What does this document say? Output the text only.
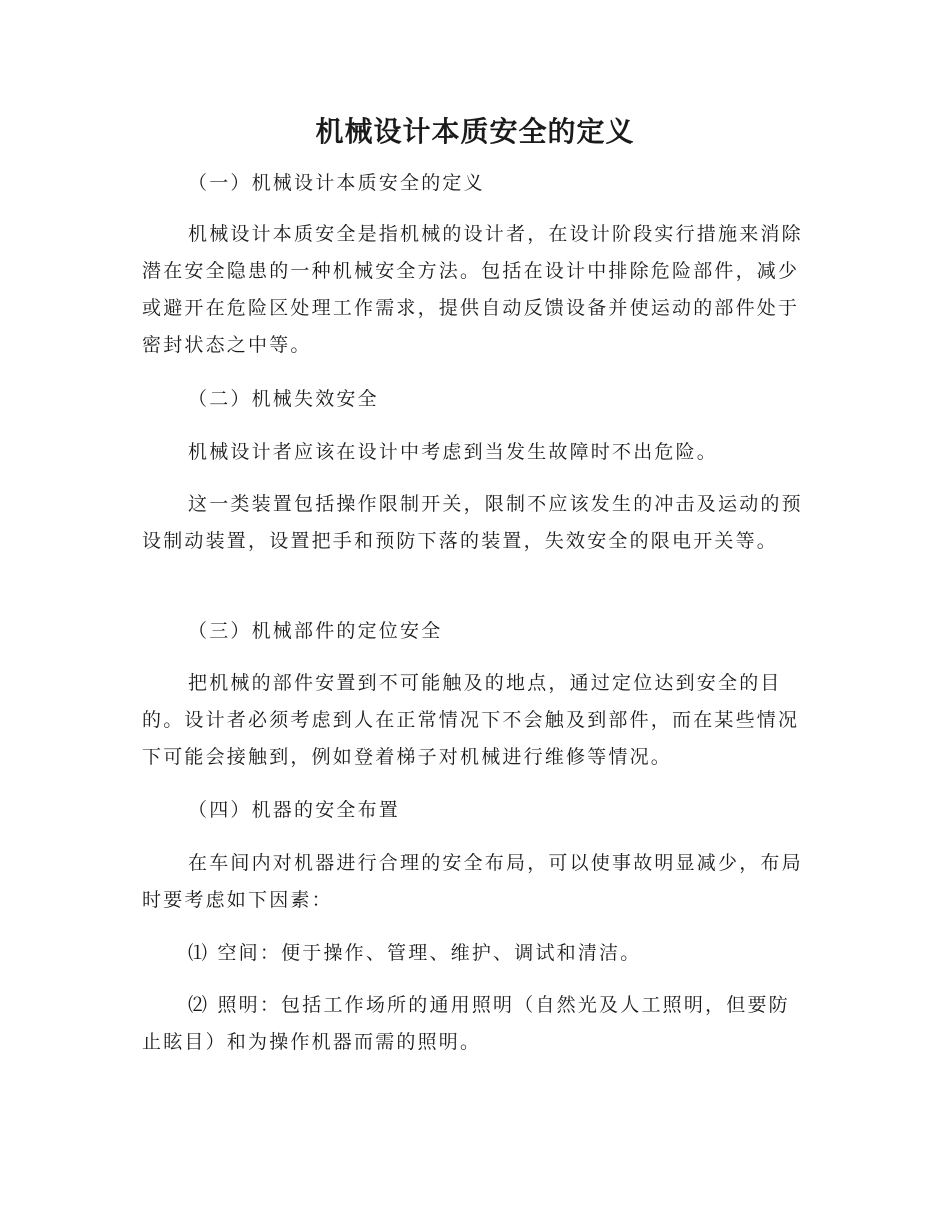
机械设计本质安全的定义

（一）机械设计本质安全的定义

机械设计本质安全是指机械的设计者，在设计阶段实行措施来消除潜在安全隐患的一种机械安全方法。包括在设计中排除危险部件，减少或避开在危险区处理工作需求，提供自动反馈设备并使运动的部件处于密封状态之中等。

（二）机械失效安全

机械设计者应该在设计中考虑到当发生故障时不出危险。

这一类装置包括操作限制开关，限制不应该发生的冲击及运动的预设制动装置，设置把手和预防下落的装置，失效安全的限电开关等。

（三）机械部件的定位安全

把机械的部件安置到不可能触及的地点，通过定位达到安全的目的。设计者必须考虑到人在正常情况下不会触及到部件，而在某些情况下可能会接触到，例如登着梯子对机械进行维修等情况。

（四）机器的安全布置

在车间内对机器进行合理的安全布局，可以使事故明显减少，布局时要考虑如下因素：

⑴ 空间：便于操作、管理、维护、调试和清洁。

⑵ 照明：包括工作场所的通用照明（自然光及人工照明，但要防止眩目）和为操作机器而需的照明。
